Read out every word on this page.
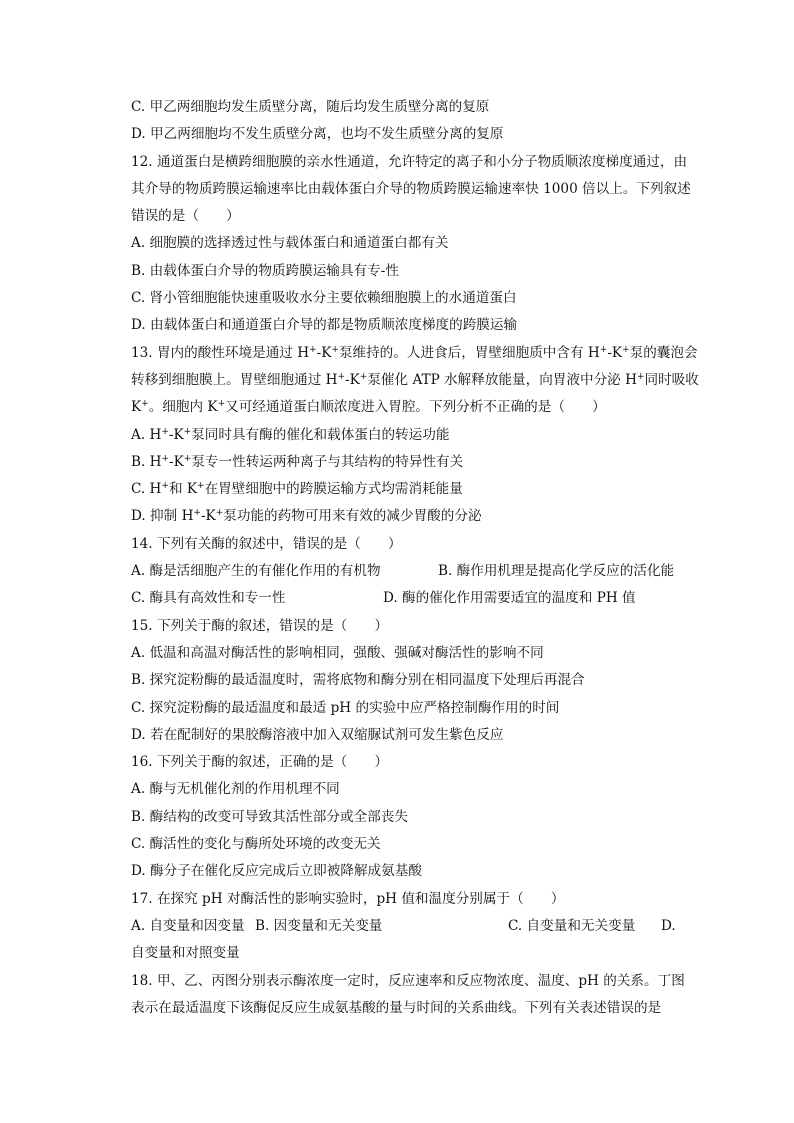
C. 甲乙两细胞均发生质壁分离，随后均发生质壁分离的复原
D. 甲乙两细胞均不发生质壁分离，也均不发生质壁分离的复原
12. 通道蛋白是横跨细胞膜的亲水性通道，允许特定的离子和小分子物质顺浓度梯度通过，由
其介导的物质跨膜运输速率比由载体蛋白介导的物质跨膜运输速率快 1000 倍以上。下列叙述
错误的是（　　）
A. 细胞膜的选择透过性与载体蛋白和通道蛋白都有关
B. 由载体蛋白介导的物质跨膜运输具有专-性
C. 肾小管细胞能快速重吸收水分主要依赖细胞膜上的水通道蛋白
D. 由载体蛋白和通道蛋白介导的都是物质顺浓度梯度的跨膜运输
13. 胃内的酸性环境是通过 H+-K+泵维持的。人进食后，胃壁细胞质中含有 H+-K+泵的囊泡会
转移到细胞膜上。胃壁细胞通过 H+-K+泵催化 ATP 水解释放能量，向胃液中分泌 H+同时吸收
K+。细胞内 K+又可经通道蛋白顺浓度进入胃腔。下列分析不正确的是（　　）
A. H+-K+泵同时具有酶的催化和载体蛋白的转运功能
B. H+-K+泵专一性转运两种离子与其结构的特异性有关
C. H+和 K+在胃壁细胞中的跨膜运输方式均需消耗能量
D. 抑制 H+-K+泵功能的药物可用来有效的减少胃酸的分泌
14. 下列有关酶的叙述中，错误的是（　　）
A. 酶是活细胞产生的有催化作用的有机物	B. 酶作用机理是提高化学反应的活化能
C. 酶具有高效性和专一性	D. 酶的催化作用需要适宜的温度和 PH 值
15. 下列关于酶的叙述，错误的是（　　）
A. 低温和高温对酶活性的影响相同，强酸、强碱对酶活性的影响不同
B. 探究淀粉酶的最适温度时，需将底物和酶分别在相同温度下处理后再混合
C. 探究淀粉酶的最适温度和最适 pH 的实验中应严格控制酶作用的时间
D. 若在配制好的果胶酶溶液中加入双缩脲试剂可发生紫色反应
16. 下列关于酶的叙述，正确的是（　　）
A. 酶与无机催化剂的作用机理不同
B. 酶结构的改变可导致其活性部分或全部丧失
C. 酶活性的变化与酶所处环境的改变无关
D. 酶分子在催化反应完成后立即被降解成氨基酸
17. 在探究 pH 对酶活性的影响实验时，pH 值和温度分别属于（　　）
A. 自变量和因变量 B. 因变量和无关变量	C. 自变量和无关变量	D.
自变量和对照变量
18. 甲、乙、丙图分别表示酶浓度一定时，反应速率和反应物浓度、温度、pH 的关系。丁图
表示在最适温度下该酶促反应生成氨基酸的量与时间的关系曲线。下列有关表述错误的是
